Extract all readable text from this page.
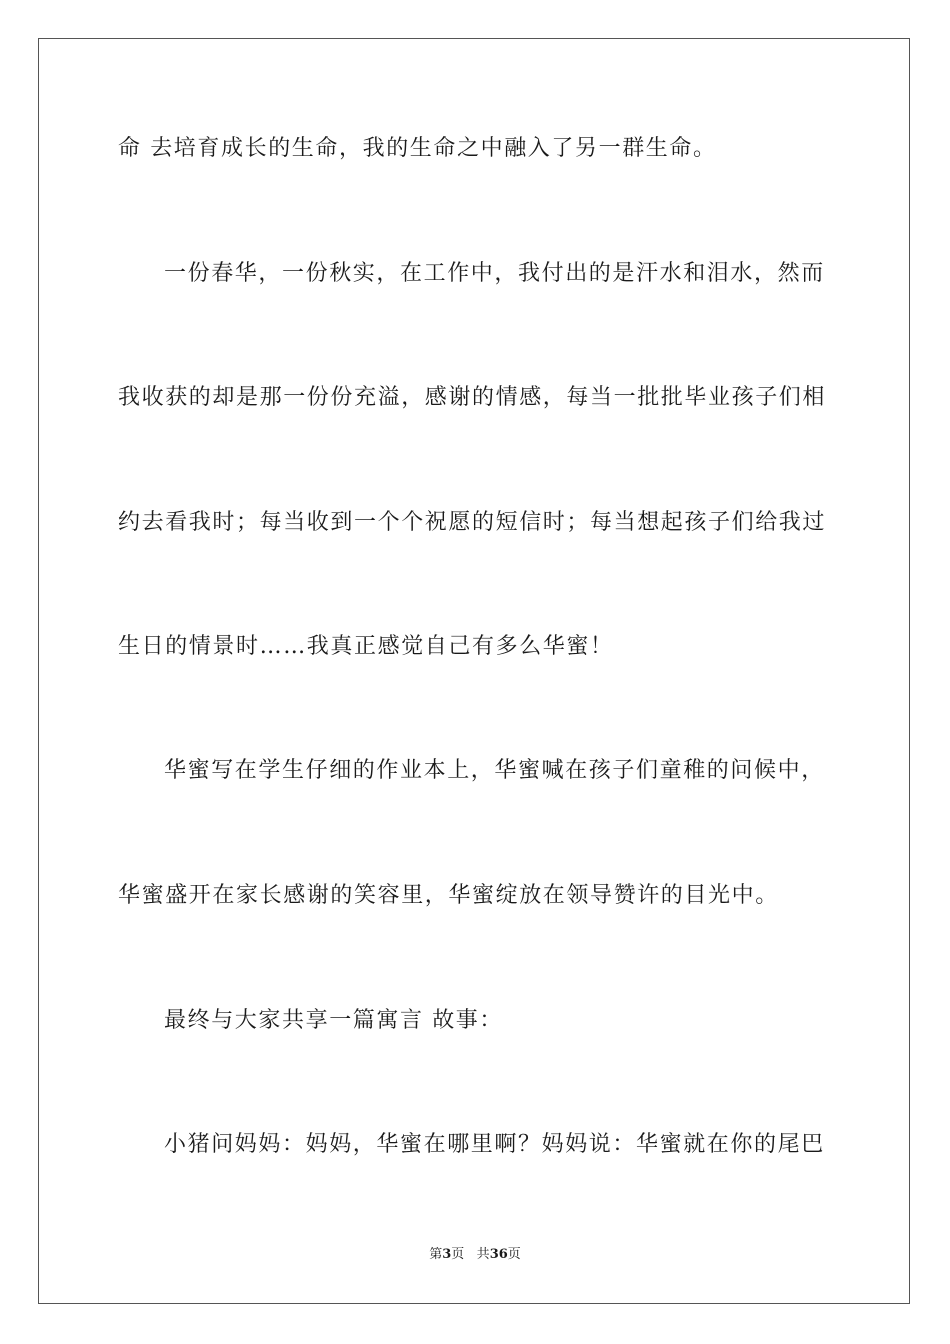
命 去培育成长的生命，我的生命之中融入了另一群生命。
一份春华，一份秋实，在工作中，我付出的是汗水和泪水，然而
我收获的却是那一份份充溢，感谢的情感，每当一批批毕业孩子们相
约去看我时；每当收到一个个祝愿的短信时；每当想起孩子们给我过
生日的情景时……我真正感觉自己有多么华蜜！
华蜜写在学生仔细的作业本上，华蜜喊在孩子们童稚的问候中，
华蜜盛开在家长感谢的笑容里，华蜜绽放在领导赞许的目光中。
最终与大家共享一篇寓言 故事：
小猪问妈妈：妈妈，华蜜在哪里啊？妈妈说：华蜜就在你的尾巴
第3页 共36页
